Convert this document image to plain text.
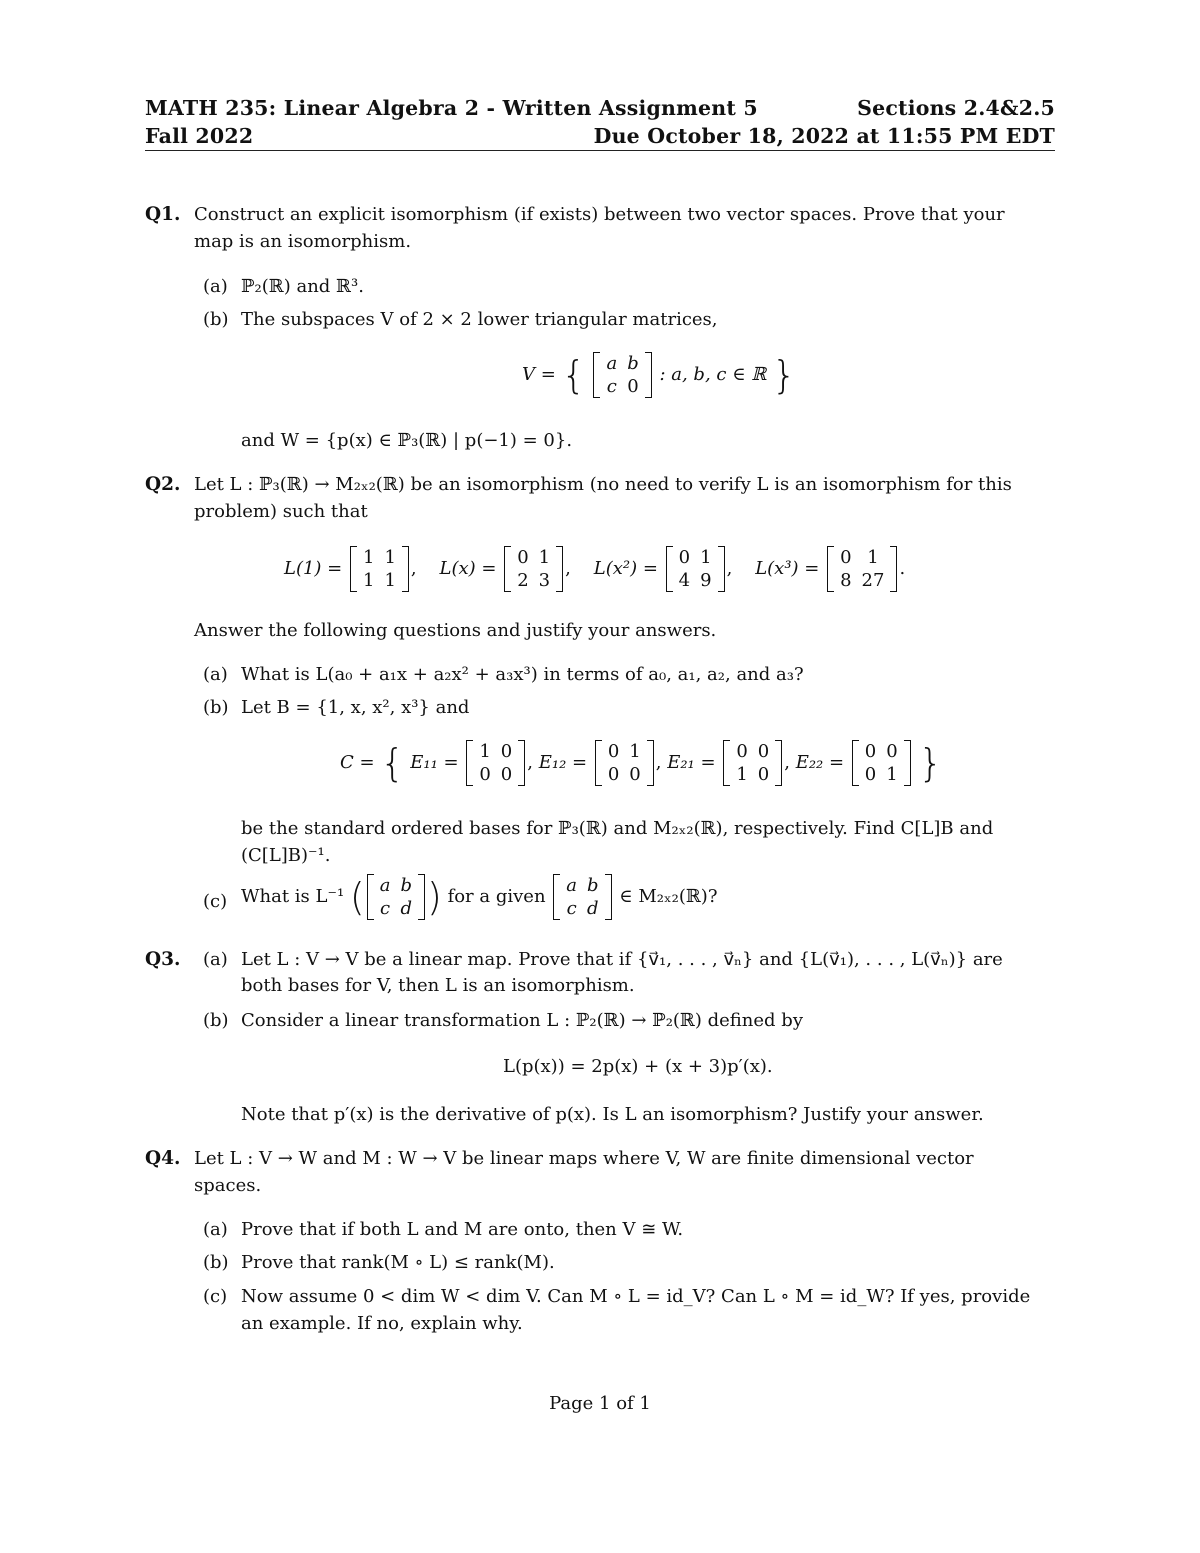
MATH 235: Linear Algebra 2 - Written Assignment 5	Sections 2.4&2.5
Fall 2022	Due October 18, 2022 at 11:55 PM EDT
Q1. Construct an explicit isomorphism (if exists) between two vector spaces. Prove that your
map is an isomorphism.
(a) ℙ₂(ℝ) and ℝ³.
(b) The subspaces V of 2 × 2 lower triangular matrices,
V = { a	b
c	0
: a, b, c ∈ ℝ }
and W = {p(x) ∈ ℙ₃(ℝ) | p(−1) = 0}.
Q2. Let L : ℙ₃(ℝ) → M₂ₓ₂(ℝ) be an isomorphism (no need to verify L is an isomorphism for this
problem) such that
L(1) =
1	1
1	1
, L(x) =
0	1
2	3
, L(x²) =
0	1
4	9
, L(x³) =
0	1
8	27
.
Answer the following questions and justify your answers.
(a) What is L(a₀ + a₁x + a₂x² + a₃x³) in terms of a₀, a₁, a₂, and a₃?
(b) Let B = {1, x, x², x³} and
C = { E₁₁ =
1	0
0	0
, E₁₂ =
0	1
0	0
, E₂₁ =
0	0
1	0
, E₂₂ =
0	0
0	1 }
be the standard ordered bases for ℙ₃(ℝ) and M₂ₓ₂(ℝ), respectively. Find C[L]B and
(C[L]B)⁻¹.
(c) What is L⁻¹ ( a	b
c	d ) for a given
a	b
c	d
∈ M₂ₓ₂(ℝ)?
Q3. (a) Let L : V → V be a linear map. Prove that if {v⃗₁, . . . , v⃗ₙ} and {L(v⃗₁), . . . , L(v⃗ₙ)} are
both bases for V, then L is an isomorphism.
(b) Consider a linear transformation L : ℙ₂(ℝ) → ℙ₂(ℝ) defined by
L(p(x)) = 2p(x) + (x + 3)p′(x).
Note that p′(x) is the derivative of p(x). Is L an isomorphism? Justify your answer.
Q4. Let L : V → W and M : W → V be linear maps where V, W are finite dimensional vector
spaces.
(a) Prove that if both L and M are onto, then V ≅ W.
(b) Prove that rank(M ∘ L) ≤ rank(M).
(c) Now assume 0 < dim W < dim V. Can M ∘ L = id_V? Can L ∘ M = id_W? If yes, provide
an example. If no, explain why.
Page 1 of 1
